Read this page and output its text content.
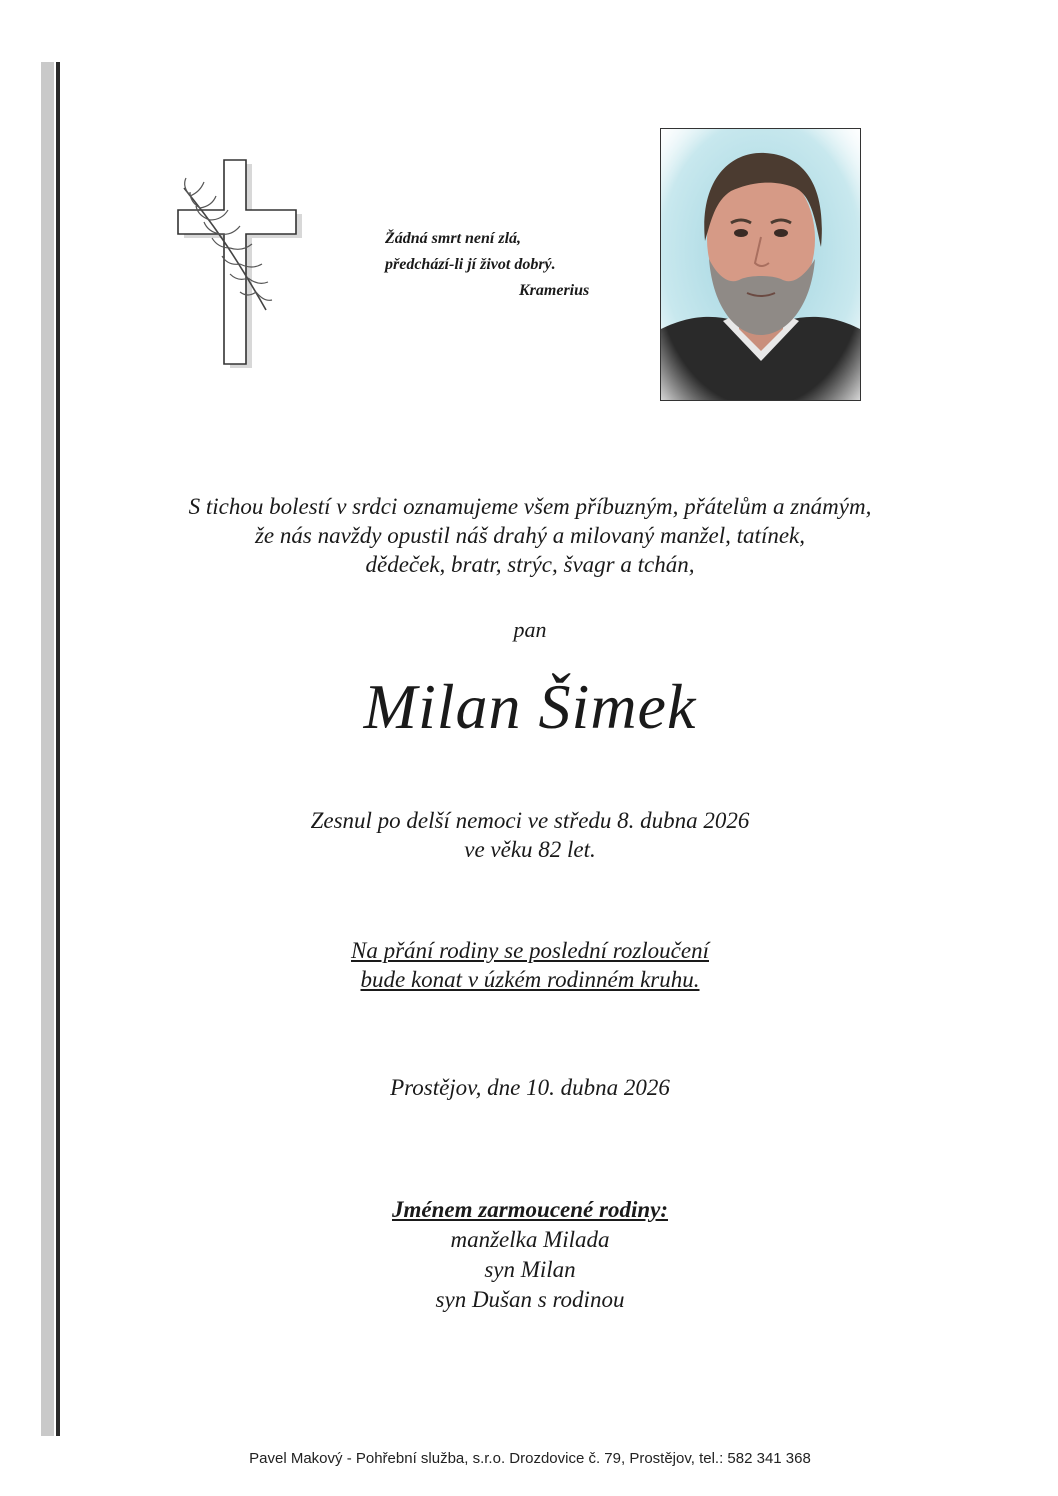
Žádná smrt není zlá,
předchází-li jí život dobrý.
Kramerius
S tichou bolestí v srdci oznamujeme všem příbuzným, přátelům a známým,
že nás navždy opustil náš drahý a milovaný manžel, tatínek,
dědeček, bratr, strýc, švagr a tchán,
pan
Milan Šimek
Zesnul po delší nemoci ve středu 8. dubna 2026
ve věku 82 let.
Na přání rodiny se poslední rozloučení
bude konat v úzkém rodinném kruhu.
Prostějov, dne 10. dubna 2026
Jménem zarmoucené rodiny:
manželka Milada
syn Milan
syn Dušan s rodinou
Pavel Makový - Pohřební služba, s.r.o. Drozdovice č. 79, Prostějov, tel.: 582 341 368
